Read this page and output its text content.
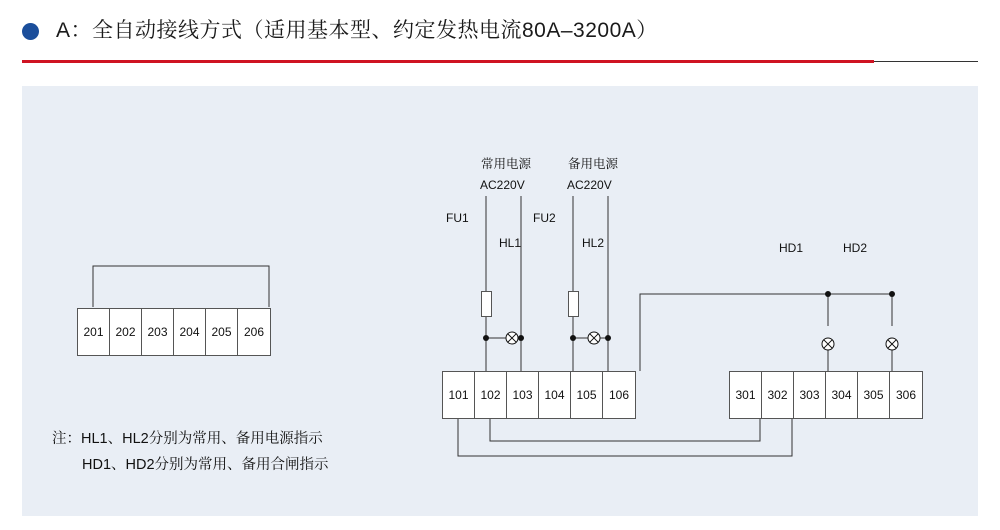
A：全自动接线方式（适用基本型、约定发热电流80A–3200A）
常用电源
AC220V
备用电源
AC220V
FU1	FU2
HL1	HL2	HD1	HD2
201 202 203 204 205	206
101 102 103 104 105	106	301 302 303 304 305	306
注：HL1、HL2分别为常用、备用电源指示
HD1、HD2分别为常用、备用合闸指示
